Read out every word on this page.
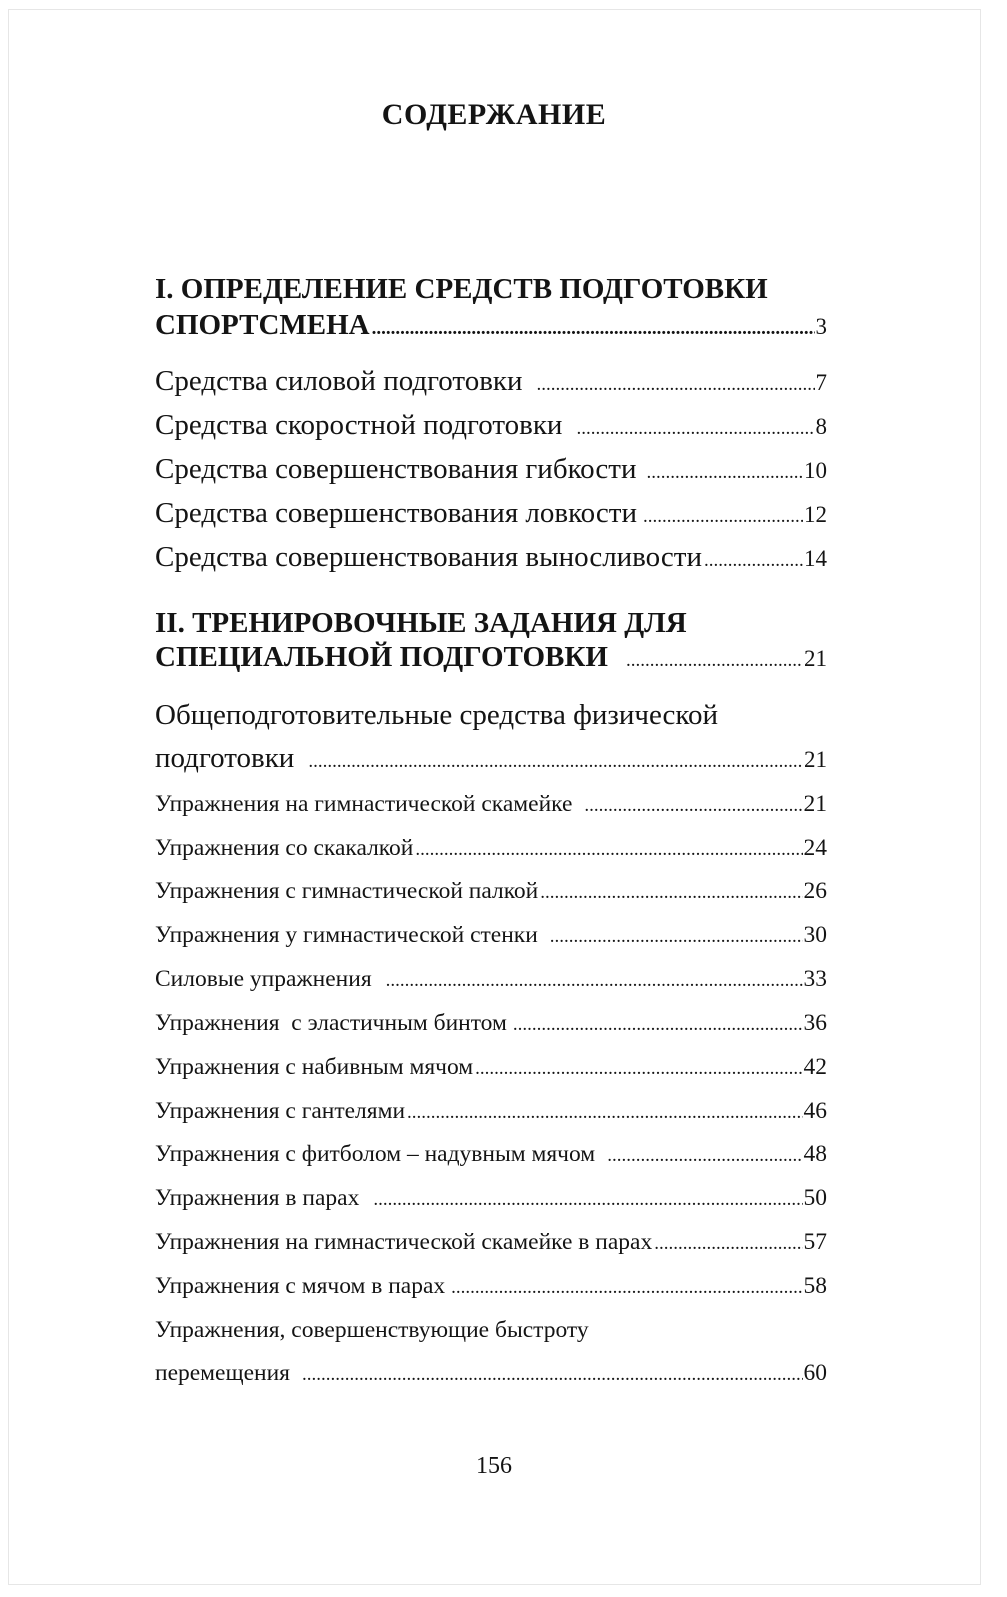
СОДЕРЖАНИЕ
I. ОПРЕДЕЛЕНИЕ СРЕДСТВ ПОДГОТОВКИ
СПОРТСМЕНА .....	3
Средства силовой подготовки .....	7
Средства скоростной подготовки .....	8
Средства совершенствования гибкости .....	10
Средства совершенствования ловкости .....	12
Средства совершенствования выносливости .....	14
II. ТРЕНИРОВОЧНЫЕ ЗАДАНИЯ ДЛЯ
СПЕЦИАЛЬНОЙ ПОДГОТОВКИ .....	21
Общеподготовительные средства физической
подготовки .....	21
Упражнения на гимнастической скамейке .....	21
Упражнения со скакалкой .....	24
Упражнения с гимнастической палкой .....	26
Упражнения у гимнастической стенки .....	30
Силовые упражнения .....	33
Упражнения  с эластичным бинтом .....	36
Упражнения с набивным мячом .....	42
Упражнения с гантелями .....	46
Упражнения с фитболом – надувным мячом .....	48
Упражнения в парах .....	50
Упражнения на гимнастической скамейке в парах .....	57
Упражнения с мячом в парах .....	58
Упражнения, совершенствующие быстроту
перемещения .....	60
156
